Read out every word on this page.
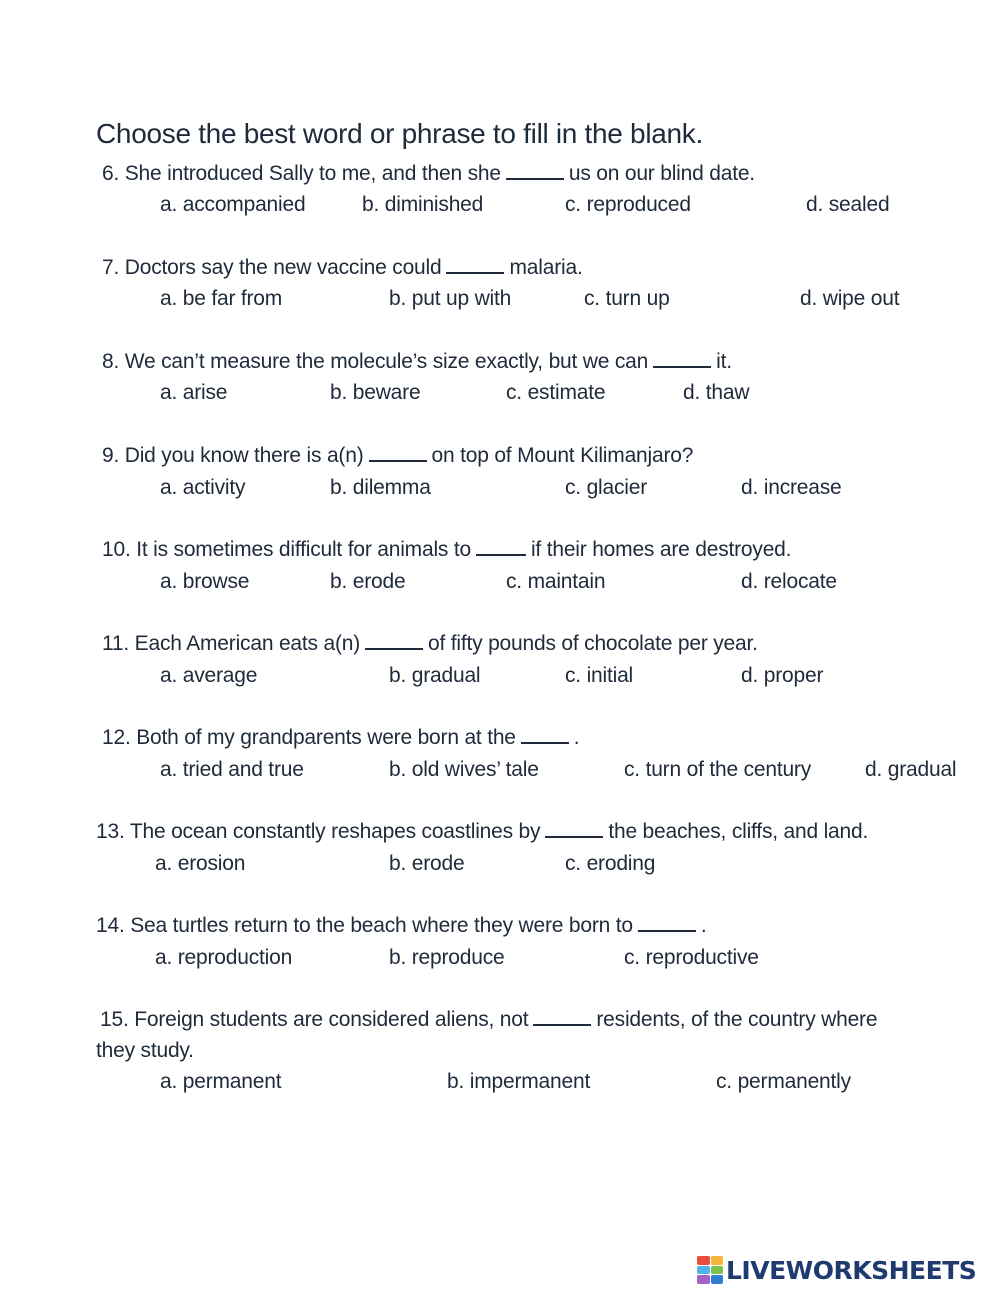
Choose the best word or phrase to fill in the blank.
6. She introduced Sally to me, and then she	us on our blind date.
a. accompanied	b. diminished	c. reproduced	d. sealed
7. Doctors say the new vaccine could	malaria.
a. be far from	b. put up with	c. turn up	d. wipe out
8. We can’t measure the molecule’s size exactly, but we can	it.
a. arise	b. beware	c. estimate	d. thaw
9. Did you know there is a(n)	on top of Mount Kilimanjaro?
a. activity	b. dilemma	c. glacier	d. increase
10. It is sometimes difficult for animals to	if their homes are destroyed.
a. browse	b. erode	c. maintain	d. relocate
11. Each American eats a(n)	of fifty pounds of chocolate per year.
a. average	b. gradual	c. initial	d. proper
12. Both of my grandparents were born at the	.
a. tried and true	b. old wives’ tale	c. turn of the century	d. gradual
13. The ocean constantly reshapes coastlines by	the beaches, cliffs, and land.
a. erosion	b. erode	c. eroding
14. Sea turtles return to the beach where they were born to	.
a. reproduction	b. reproduce	c. reproductive
15. Foreign students are considered aliens, not	residents, of the country where
they study.
a. permanent	b. impermanent	c. permanently
LIVEWORKSHEETS
